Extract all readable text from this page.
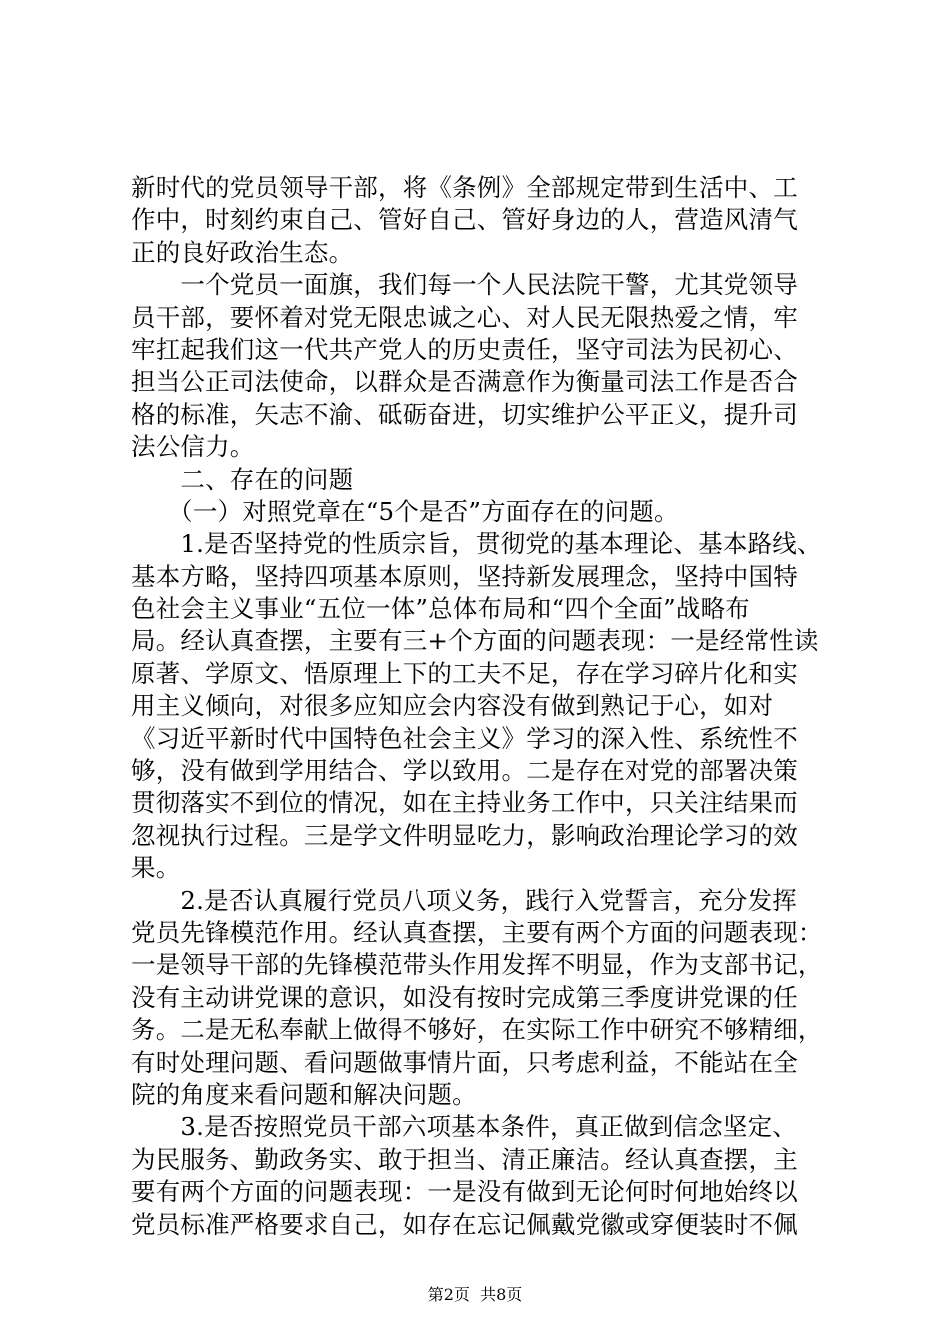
新时代的党员领导干部，将《条例》全部规定带到生活中、工
作中，时刻约束自己、管好自己、管好身边的人，营造风清气
正的良好政治生态。
　　一个党员一面旗，我们每一个人民法院干警，尤其党领导
员干部，要怀着对党无限忠诚之心、对人民无限热爱之情，牢
牢扛起我们这一代共产党人的历史责任，坚守司法为民初心、
担当公正司法使命，以群众是否满意作为衡量司法工作是否合
格的标准，矢志不渝、砥砺奋进，切实维护公平正义，提升司
法公信力。
　　二、存在的问题
　　（一）对照党章在“5个是否”方面存在的问题。
　　1.是否坚持党的性质宗旨，贯彻党的基本理论、基本路线、
基本方略，坚持四项基本原则，坚持新发展理念，坚持中国特
色社会主义事业“五位一体”总体布局和“四个全面”战略布
局。经认真查摆，主要有三+个方面的问题表现：一是经常性读
原著、学原文、悟原理上下的工夫不足，存在学习碎片化和实
用主义倾向，对很多应知应会内容没有做到熟记于心，如对
《习近平新时代中国特色社会主义》学习的深入性、系统性不
够，没有做到学用结合、学以致用。二是存在对党的部署决策
贯彻落实不到位的情况，如在主持业务工作中，只关注结果而
忽视执行过程。三是学文件明显吃力，影响政治理论学习的效
果。
　　2.是否认真履行党员八项义务，践行入党誓言，充分发挥
党员先锋模范作用。经认真查摆，主要有两个方面的问题表现：
一是领导干部的先锋模范带头作用发挥不明显，作为支部书记，
没有主动讲党课的意识，如没有按时完成第三季度讲党课的任
务。二是无私奉献上做得不够好，在实际工作中研究不够精细，
有时处理问题、看问题做事情片面，只考虑利益，不能站在全
院的角度来看问题和解决问题。
　　3.是否按照党员干部六项基本条件，真正做到信念坚定、
为民服务、勤政务实、敢于担当、清正廉洁。经认真查摆，主
要有两个方面的问题表现：一是没有做到无论何时何地始终以
党员标准严格要求自己，如存在忘记佩戴党徽或穿便装时不佩
第2页  共8页
